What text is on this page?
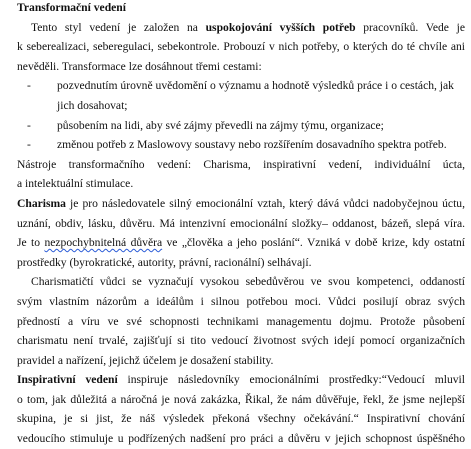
Transformační vedení
Tento styl vedení je založen na uspokojování vyšších potřeb pracovníků. Vede je
k seberealizaci, seberegulaci, sebekontrole. Probouzí v nich potřeby, o kterých do té chvíle ani
nevěděli. Transformace lze dosáhnout třemi cestami:
- pozvednutím úrovně uvědomění o významu a hodnotě výsledků práce i o cestách, jak
jich dosahovat;
- působením na lidi, aby své zájmy převedli na zájmy týmu, organizace;
- změnou potřeb z Maslowovy soustavy nebo rozšířením dosavadního spektra potřeb.
Nástroje transformačního vedení: Charisma, inspirativní vedení, individuální úcta,
a intelektuální stimulace.
Charisma je pro následovatele silný emocionální vztah, který dává vůdci nadobyčejnou úctu,
uznání, obdiv, lásku, důvěru. Má intenzivní emocionální složky– oddanost, bázeň, slepá víra.
Je to nezpochybnitelná důvěra ve „člověka a jeho poslání“. Vzniká v době krize, kdy ostatní
prostředky (byrokratické, autority, právní, racionální) selhávají.
Charismatičtí vůdci se vyznačují vysokou sebedůvěrou ve svou kompetenci, oddaností
svým vlastním názorům a ideálům i silnou potřebou moci. Vůdci posilují obraz svých
předností a víru ve své schopnosti technikami managementu dojmu. Protože působení
charismatu není trvalé, zajišťují si tito vedoucí životnost svých idejí pomocí organizačních
pravidel a nařízení, jejichž účelem je dosažení stability.
Inspirativní vedení inspiruje následovníky emocionálními prostředky:“Vedoucí mluvil
o tom, jak důležitá a náročná je nová zakázka, Řikal, že nám důvěřuje, řekl, že jsme nejlepší
skupina, je si jist, že náš výsledek překoná všechny očekávání.“ Inspirativní chování
vedoucího stimuluje u podřízených nadšení pro práci a důvěru v jejich schopnost úspěšného
